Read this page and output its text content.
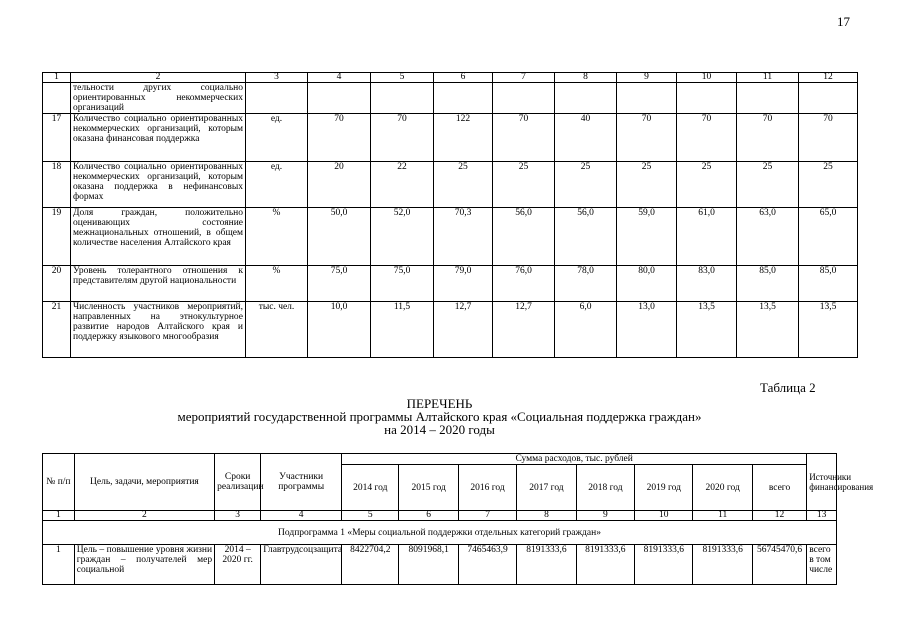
17
1	2	3	4	5	6	7	8	9	10	11	12
	тельности других социально ориентированных некоммерческих организаций										
17	Количество социально ориентированных некоммерческих организаций, которым оказана финансовая поддержка	ед.	70	70	122	70	40	70	70	70	70
18	Количество социально ориентированных некоммерческих организаций, которым оказана поддержка в нефинансовых формах	ед.	20	22	25	25	25	25	25	25	25
19	Доля граждан, положительно оценивающих состояние межнациональных отношений, в общем количестве населения Алтайского края	%	50,0	52,0	70,3	56,0	56,0	59,0	61,0	63,0	65,0
20	Уровень толерантного отношения к представителям другой национальности	%	75,0	75,0	79,0	76,0	78,0	80,0	83,0	85,0	85,0
21	Численность участников мероприятий, направленных на этнокультурное развитие народов Алтайского края и поддержку языкового многообразия	тыс. чел.	10,0	11,5	12,7	12,7	6,0	13,0	13,5	13,5	13,5
Таблица 2
ПЕРЕЧЕНЬ
мероприятий государственной программы Алтайского края «Социальная поддержка граждан»
на 2014 – 2020 годы
№ п/п	Цель, задачи, мероприятия	Сроки реализации	Участники программы	Сумма расходов, тыс. рублей								Источники финансирования
				2014 год	2015 год	2016 год	2017 год	2018 год	2019 год	2020 год	всего	
1	2	3	4	5	6	7	8	9	10	11	12	13
Подпрограмма 1 «Меры социальной поддержки отдельных категорий граждан»												
1	Цель – повышение уровня жизни граждан – получателей мер социальной	2014 – 2020 гг.	Главтрудсоцзащита	8422704,2	8091968,1	7465463,9	8191333,6	8191333,6	8191333,6	8191333,6	56745470,6	всего
в том числе
